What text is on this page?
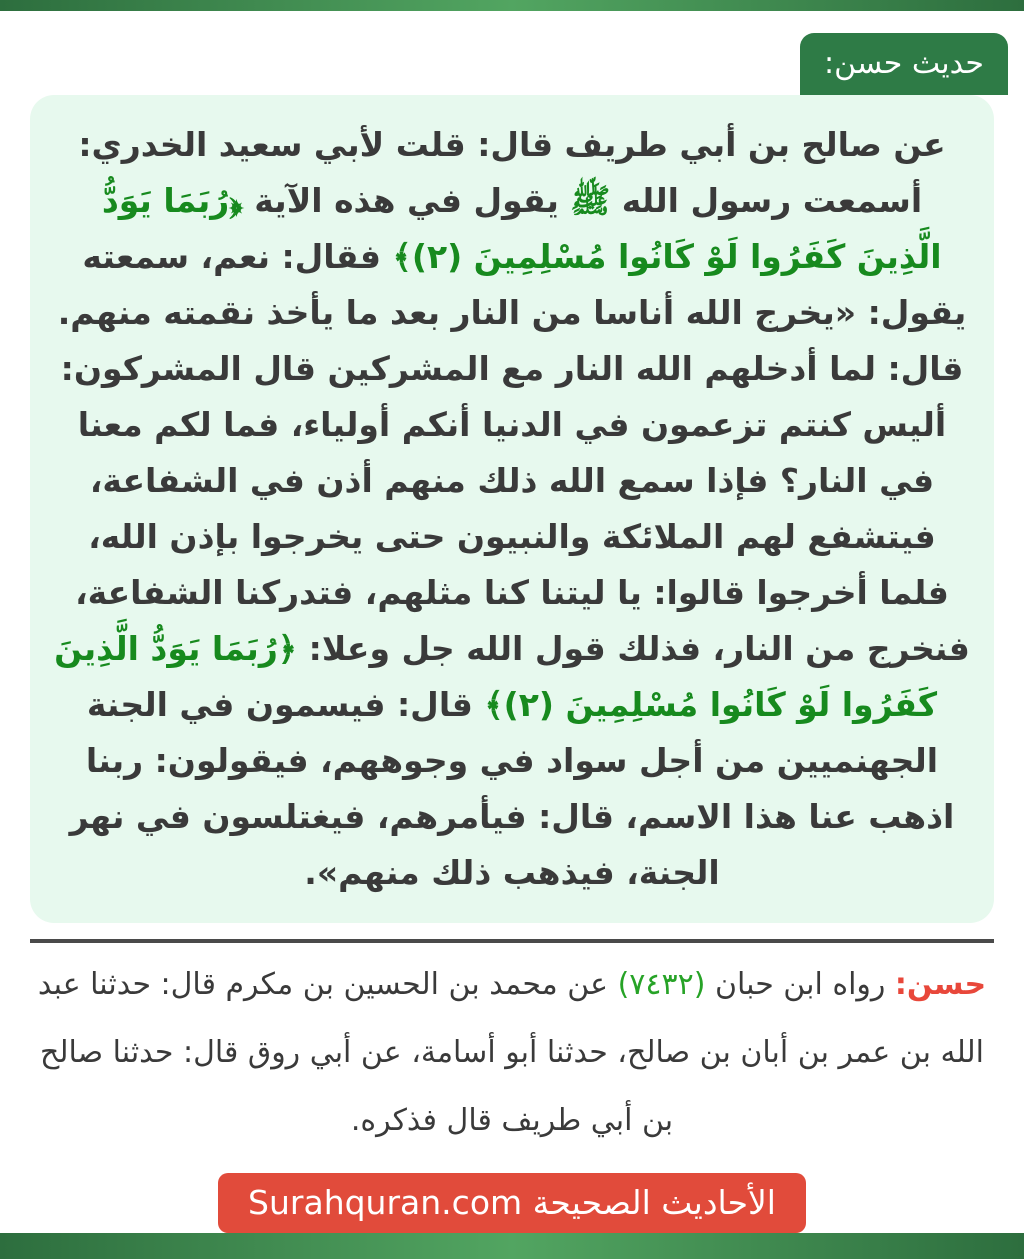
حديث حسن:

عن صالح بن أبي طريف قال: قلت لأبي سعيد الخدري: أسمعت رسول الله ﷺ يقول في هذه الآية ﴿رُبَمَا يَوَدُّ الَّذِينَ كَفَرُوا لَوْ كَانُوا مُسْلِمِينَ (٢)﴾ فقال: نعم، سمعته يقول: «يخرج الله أناسا من النار بعد ما يأخذ نقمته منهم. قال: لما أدخلهم الله النار مع المشركين قال المشركون: أليس كنتم تزعمون في الدنيا أنكم أولياء، فما لكم معنا في النار؟ فإذا سمع الله ذلك منهم أذن في الشفاعة، فيتشفع لهم الملائكة والنبيون حتى يخرجوا بإذن الله، فلما أخرجوا قالوا: يا ليتنا كنا مثلهم، فتدركنا الشفاعة، فنخرج من النار، فذلك قول الله جل وعلا: ﴿رُبَمَا يَوَدُّ الَّذِينَ كَفَرُوا لَوْ كَانُوا مُسْلِمِينَ (٢)﴾ قال: فيسمون في الجنة الجهنميين من أجل سواد في وجوههم، فيقولون: ربنا اذهب عنا هذا الاسم، قال: فيأمرهم، فيغتلسون في نهر الجنة، فيذهب ذلك منهم».

حسن: رواه ابن حبان (٧٤٣٢) عن محمد بن الحسين بن مكرم قال: حدثنا عبد الله بن عمر بن أبان بن صالح، حدثنا أبو أسامة، عن أبي روق قال: حدثنا صالح بن أبي طريف قال فذكره.

الأحاديث الصحيحة Surahquran.com
